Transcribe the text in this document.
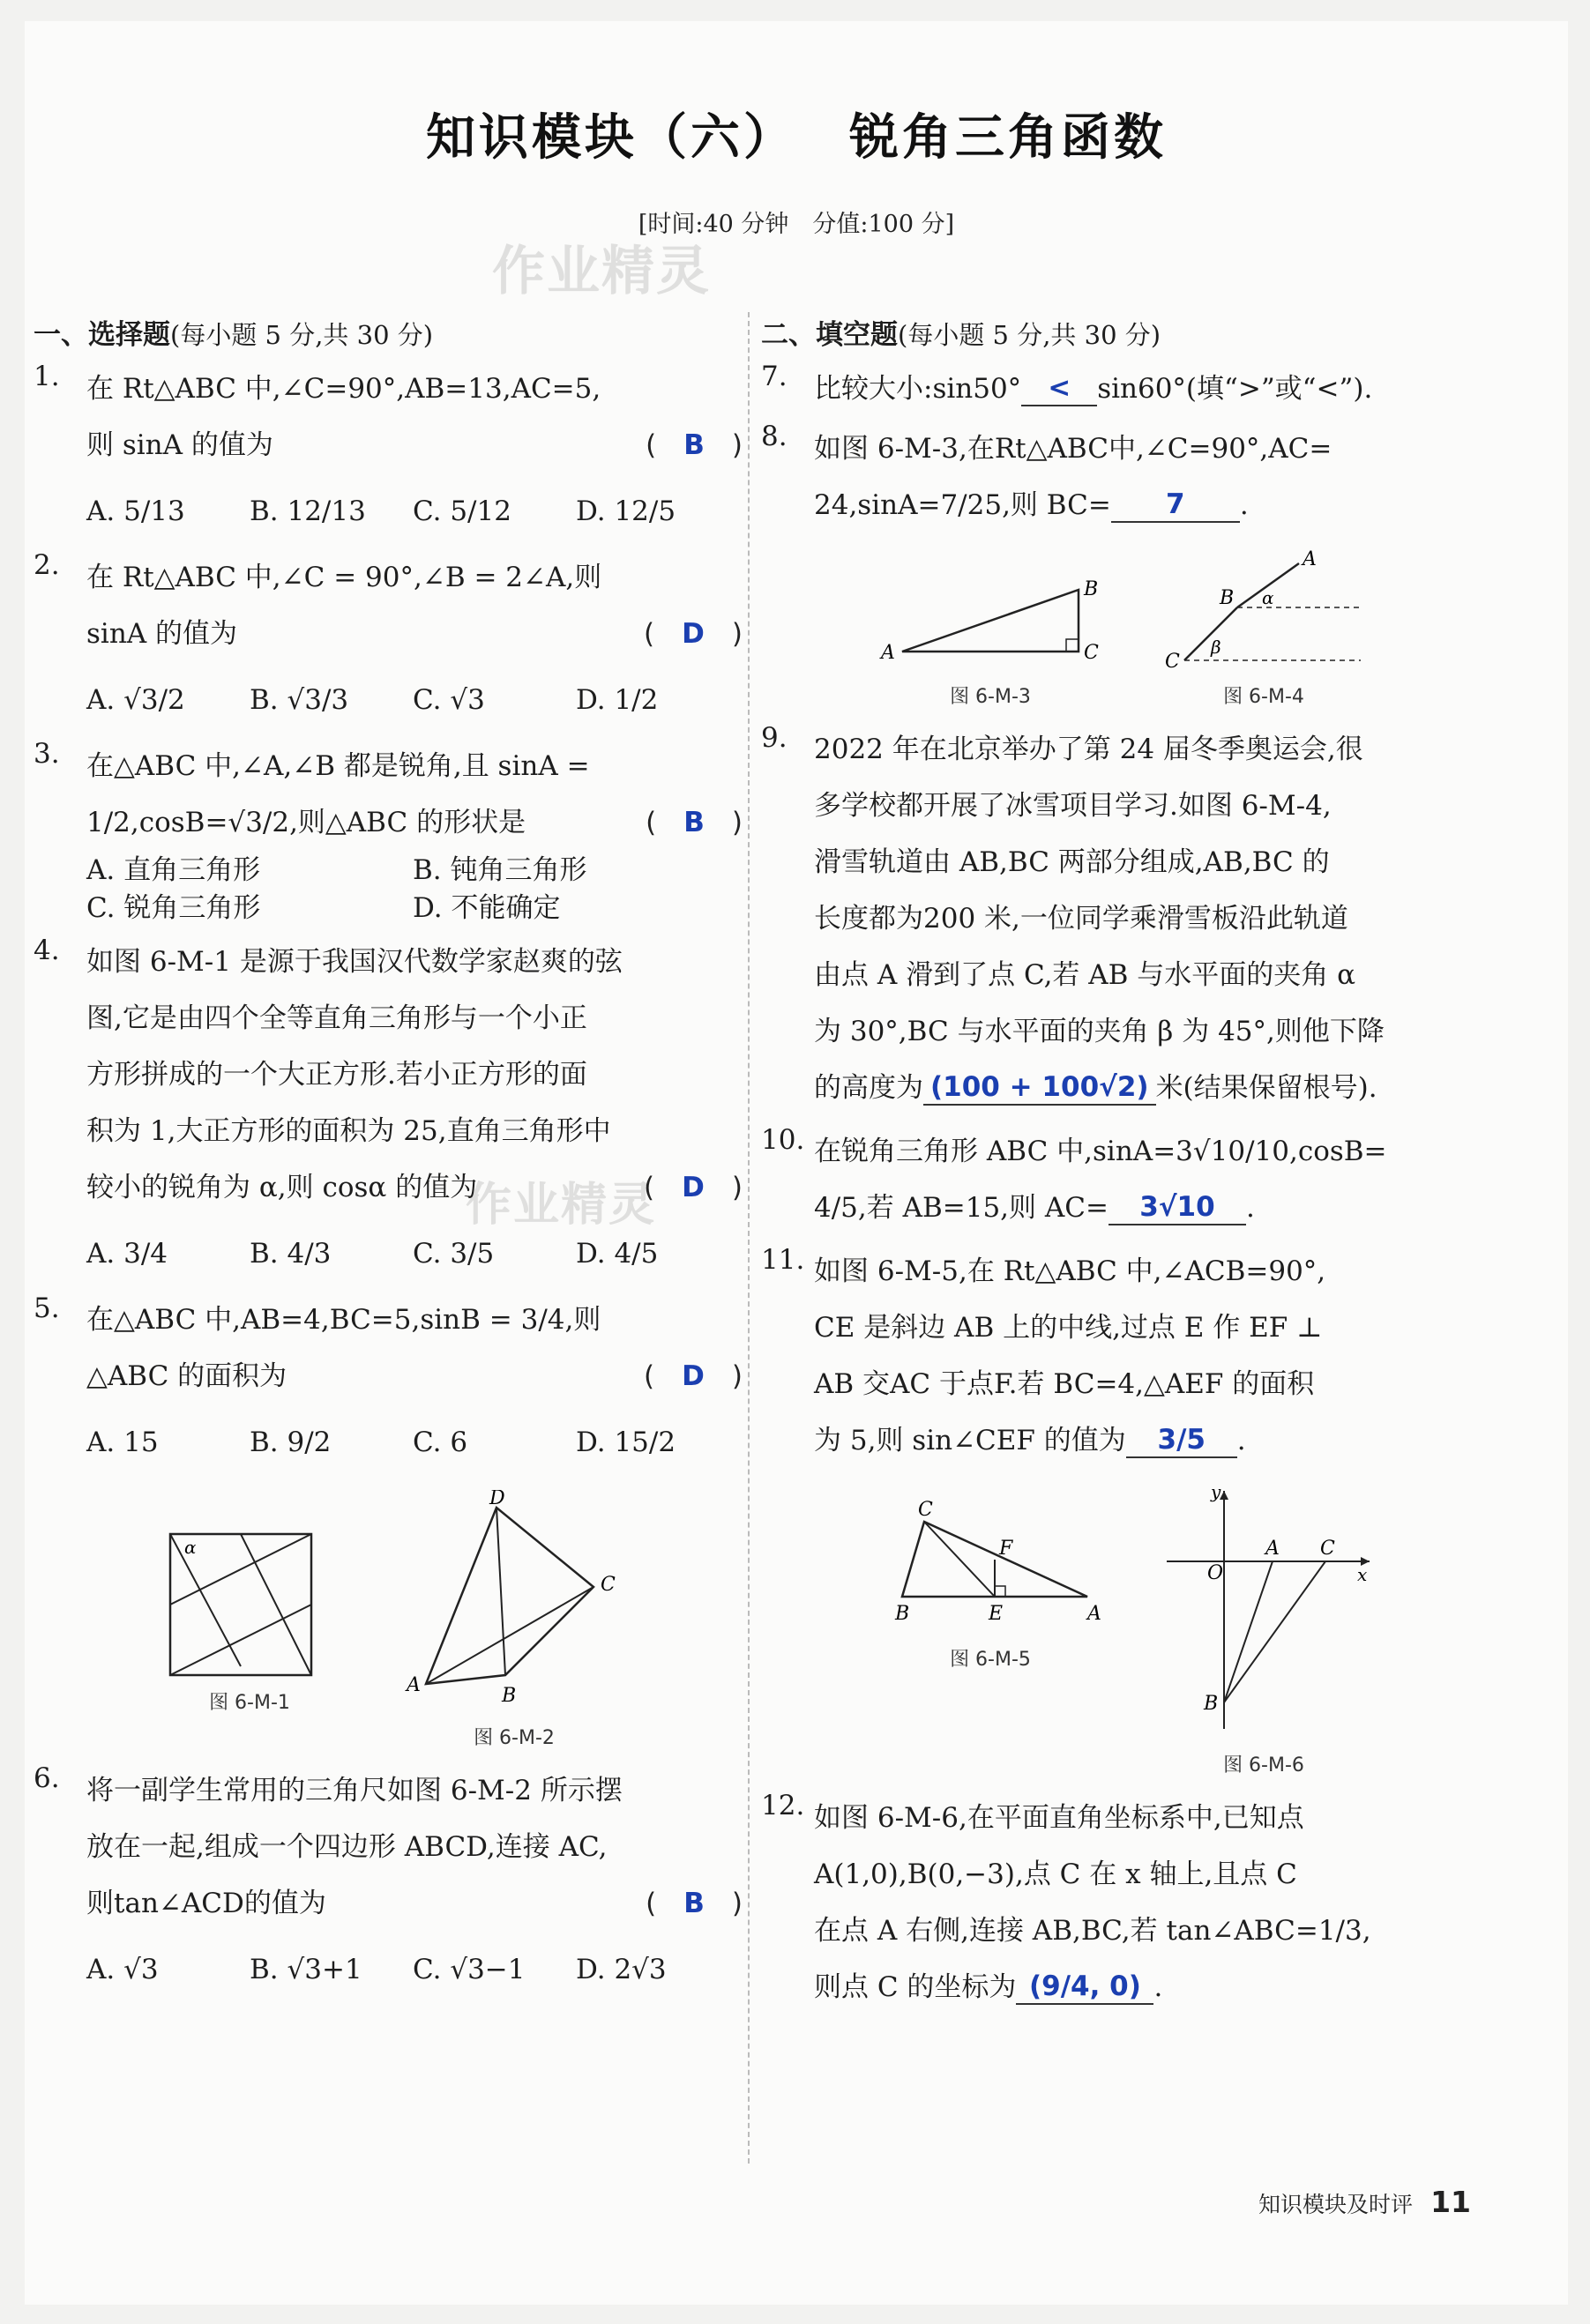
知识模块（六） 锐角三角函数
[时间:40 分钟　分值:100 分]
作业精灵
作业精灵
一、选择题(每小题 5 分,共 30 分)
1. 在 Rt△ABC 中,∠C=90°,AB=13,AC=5,
则 sinA 的值为	(　B　)
A. 5/13	B. 12/13	C. 5/12	D. 12/5
2. 在 Rt△ABC 中,∠C = 90°,∠B = 2∠A,则
sinA 的值为	(　D　)
A. √3/2	B. √3/3	C. √3	D. 1/2
3. 在△ABC 中,∠A,∠B 都是锐角,且 sinA =
1/2,cosB=√3/2,则△ABC 的形状是	(　B　)
A. 直角三角形	B. 钝角三角形
C. 锐角三角形	D. 不能确定
4. 如图 6-M-1 是源于我国汉代数学家赵爽的弦
图,它是由四个全等直角三角形与一个小正
方形拼成的一个大正方形.若小正方形的面
积为 1,大正方形的面积为 25,直角三角形中
较小的锐角为 α,则 cosα 的值为	(　D　)
A. 3/4	B. 4/3	C. 3/5	D. 4/5
5. 在△ABC 中,AB=4,BC=5,sinB = 3/4,则
△ABC 的面积为	(　D　)
A. 15	B. 9/2	C. 6	D. 15/2
α
图 6-M-1
D
A	B
C
图 6-M-2
6. 将一副学生常用的三角尺如图 6-M-2 所示摆
放在一起,组成一个四边形 ABCD,连接 AC,
则tan∠ACD的值为	(　B　)
A. √3	B. √3+1	C. √3−1	D. 2√3
二、填空题(每小题 5 分,共 30 分)
7. 比较大小:sin50° < sin60°(填“>”或“<”).
8. 如图 6-M-3,在Rt△ABC中,∠C=90°,AC=
24,sinA=7/25,则 BC=	7	.
A	C
B
图 6-M-3
A
B
C
α
β
图 6-M-4
9. 2022 年在北京举办了第 24 届冬季奥运会,很
多学校都开展了冰雪项目学习.如图 6-M-4,
滑雪轨道由 AB,BC 两部分组成,AB,BC 的
长度都为200 米,一位同学乘滑雪板沿此轨道
由点 A 滑到了点 C,若 AB 与水平面的夹角 α
为 30°,BC 与水平面的夹角 β 为 45°,则他下降
的高度为 (100 + 100√2) 米(结果保留根号).
10. 在锐角三角形 ABC 中,sinA=3√10/10,cosB=
4/5,若 AB=15,则 AC=	3√10	.
11. 如图 6-M-5,在 Rt△ABC 中,∠ACB=90°,
CE 是斜边 AB 上的中线,过点 E 作 EF ⊥
AB 交AC 于点F.若 BC=4,△AEF 的面积
为 5,则 sin∠CEF 的值为	3/5	.
C
B	E	A
F
图 6-M-5
O
A C
B
x
y
图 6-M-6
12. 如图 6-M-6,在平面直角坐标系中,已知点
A(1,0),B(0,−3),点 C 在 x 轴上,且点 C
在点 A 右侧,连接 AB,BC,若 tan∠ABC=1/3,
则点 C 的坐标为 (9/4, 0) .
知识模块及时评 11
